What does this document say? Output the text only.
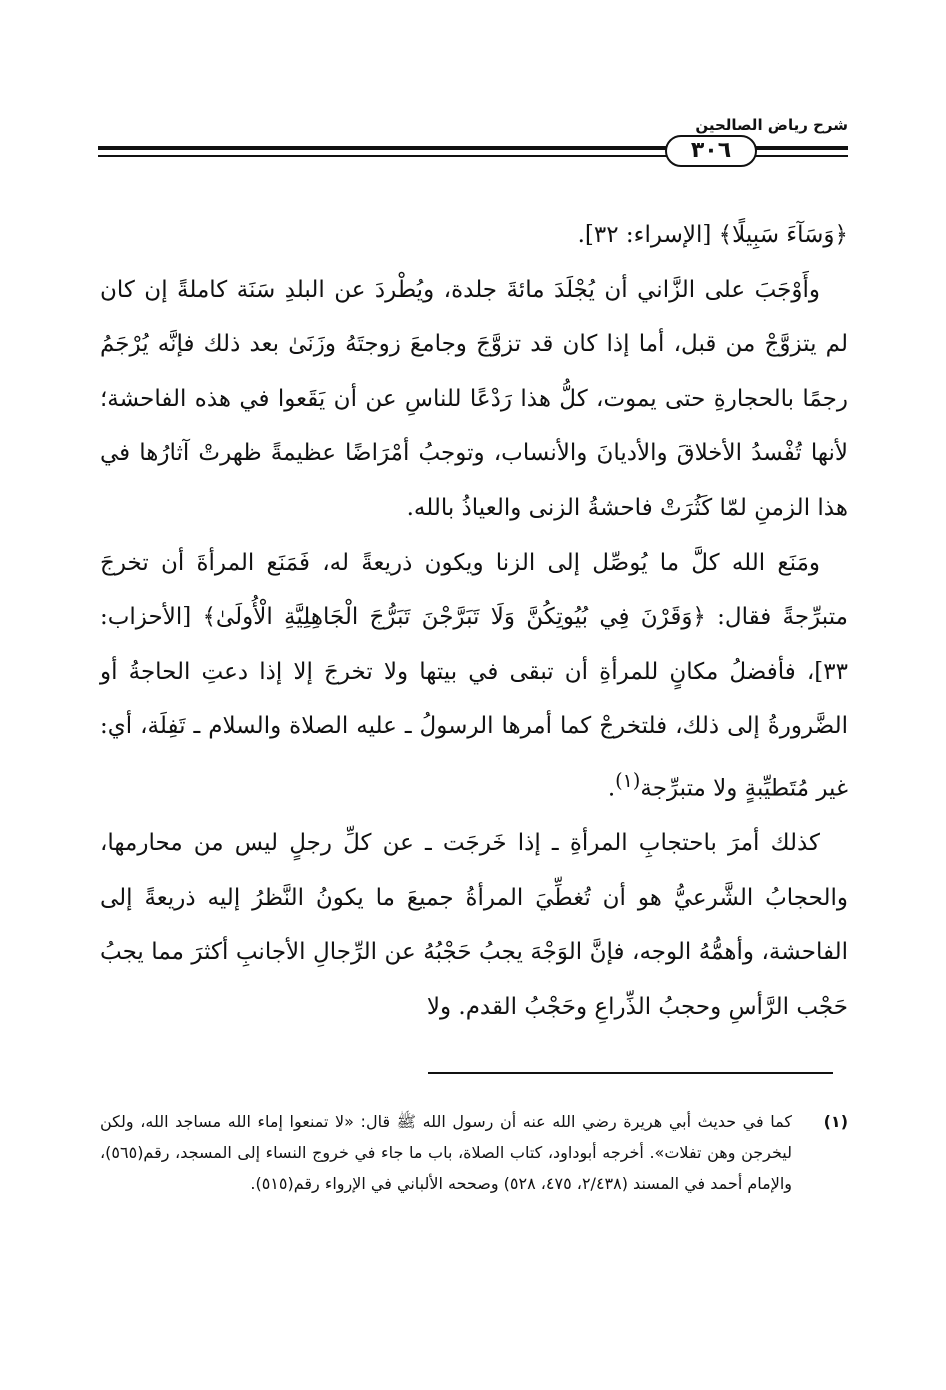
شرح رياض الصالحين
٣٠٦

﴿وَسَآءَ سَبِيلًا﴾ [الإسراء: ٣٢].

وأَوْجَبَ على الزَّاني أن يُجْلَدَ مائةَ جلدة، ويُطْردَ عن البلدِ سَنَة كاملةً إن كان لم يتزوَّجْ من قبل، أما إذا كان قد تزوَّجَ وجامعَ زوجتَهُ وزَنَىٰ بعد ذلك فإنَّه يُرْجَمُ رجمًا بالحجارةِ حتى يموت، كلُّ هذا رَدْعًا للناسِ عن أن يَقَعوا في هذه الفاحشة؛ لأنها تُفْسدُ الأخلاقَ والأديانَ والأنساب، وتوجبُ أمْرَاضًا عظيمةً ظهرتْ آثارُها في هذا الزمنِ لمّا كَثُرَتْ فاحشةُ الزنى والعياذُ بالله.

ومَنَع الله كلَّ ما يُوصِّل إلى الزنا ويكون ذريعةً له، فَمَنَع المرأةَ أن تخرجَ متبرِّجةً فقال: ﴿وَقَرْنَ فِي بُيُوتِكُنَّ وَلَا تَبَرَّجْنَ تَبَرُّجَ الْجَاهِلِيَّةِ الْأُولَىٰ﴾ [الأحزاب: ٣٣]، فأفضلُ مكانٍ للمرأةِ أن تبقى في بيتها ولا تخرجَ إلا إذا دعتِ الحاجةُ أو الضَّرورةُ إلى ذلك، فلتخرجْ كما أمرها الرسولُ ـ عليه الصلاة والسلام ـ تَفِلَة، أي: غير مُتَطيِّبةٍ ولا متبرِّجة$^{(١)}$.

كذلك أمرَ باحتجابِ المرأةِ ـ إذا خَرجَت ـ عن كلِّ رجلٍ ليس من محارمها، والحجابُ الشَّرعيُّ هو أن تُغطِّيَ المرأةُ جميعَ ما يكونُ النَّظرُ إليه ذريعةً إلى الفاحشة، وأهمُّهُ الوجه، فإنَّ الوَجْهَ يجبُ حَجْبُهُ عن الرِّجالِ الأجانبِ أكثرَ مما يجبُ حَجْب الرَّأسِ وحجبُ الذِّراعِ وحَجْبُ القدم. ولا

(١)
كما في حديث أبي هريرة رضي الله عنه أن رسول الله ﷺ قال: «لا تمنعوا إماء الله مساجد الله، ولكن ليخرجن وهن تفلات». أخرجه أبوداود، كتاب الصلاة، باب ما جاء في خروج النساء إلى المسجد، رقم(٥٦٥)، والإمام أحمد في المسند (٢/٤٣٨، ٤٧٥، ٥٢٨) وصححه الألباني في الإرواء رقم(٥١٥).
